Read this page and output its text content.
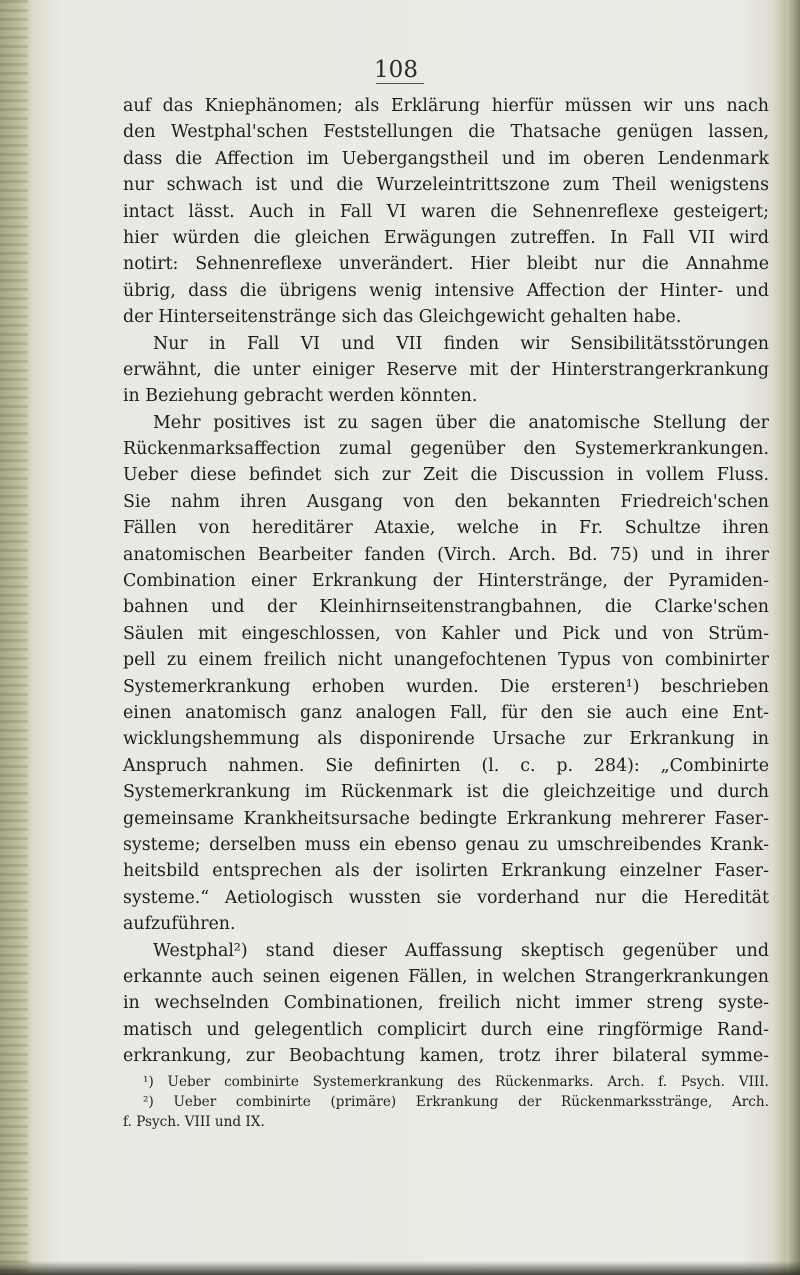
108
auf das Kniephänomen; als Erklärung hierfür müssen wir uns nach
den Westphal'schen Feststellungen die Thatsache genügen lassen,
dass die Affection im Uebergangstheil und im oberen Lendenmark
nur schwach ist und die Wurzeleintrittszone zum Theil wenigstens
intact lässt. Auch in Fall VI waren die Sehnenreflexe gesteigert;
hier würden die gleichen Erwägungen zutreffen. In Fall VII wird
notirt: Sehnenreflexe unverändert. Hier bleibt nur die Annahme
übrig, dass die übrigens wenig intensive Affection der Hinter- und
der Hinterseitenstränge sich das Gleichgewicht gehalten habe.
Nur in Fall VI und VII finden wir Sensibilitätsstörungen
erwähnt, die unter einiger Reserve mit der Hinterstrangerkrankung
in Beziehung gebracht werden könnten.
Mehr positives ist zu sagen über die anatomische Stellung der
Rückenmarksaffection zumal gegenüber den Systemerkrankungen.
Ueber diese befindet sich zur Zeit die Discussion in vollem Fluss.
Sie nahm ihren Ausgang von den bekannten Friedreich'schen
Fällen von hereditärer Ataxie, welche in Fr. Schultze ihren
anatomischen Bearbeiter fanden (Virch. Arch. Bd. 75) und in ihrer
Combination einer Erkrankung der Hinterstränge, der Pyramiden-
bahnen und der Kleinhirnseitenstrangbahnen, die Clarke'schen
Säulen mit eingeschlossen, von Kahler und Pick und von Strüm-
pell zu einem freilich nicht unangefochtenen Typus von combinirter
Systemerkrankung erhoben wurden. Die ersteren¹) beschrieben
einen anatomisch ganz analogen Fall, für den sie auch eine Ent-
wicklungshemmung als disponirende Ursache zur Erkrankung in
Anspruch nahmen. Sie definirten (l. c. p. 284): „Combinirte
Systemerkrankung im Rückenmark ist die gleichzeitige und durch
gemeinsame Krankheitsursache bedingte Erkrankung mehrerer Faser-
systeme; derselben muss ein ebenso genau zu umschreibendes Krank-
heitsbild entsprechen als der isolirten Erkrankung einzelner Faser-
systeme.“ Aetiologisch wussten sie vorderhand nur die Heredität
aufzuführen.
Westphal²) stand dieser Auffassung skeptisch gegenüber und
erkannte auch seinen eigenen Fällen, in welchen Strangerkrankungen
in wechselnden Combinationen, freilich nicht immer streng syste-
matisch und gelegentlich complicirt durch eine ringförmige Rand-
erkrankung, zur Beobachtung kamen, trotz ihrer bilateral symme-
¹) Ueber combinirte Systemerkrankung des Rückenmarks. Arch. f. Psych. VIII.
²) Ueber combinirte (primäre) Erkrankung der Rückenmarksstränge, Arch.
f. Psych. VIII und IX.
